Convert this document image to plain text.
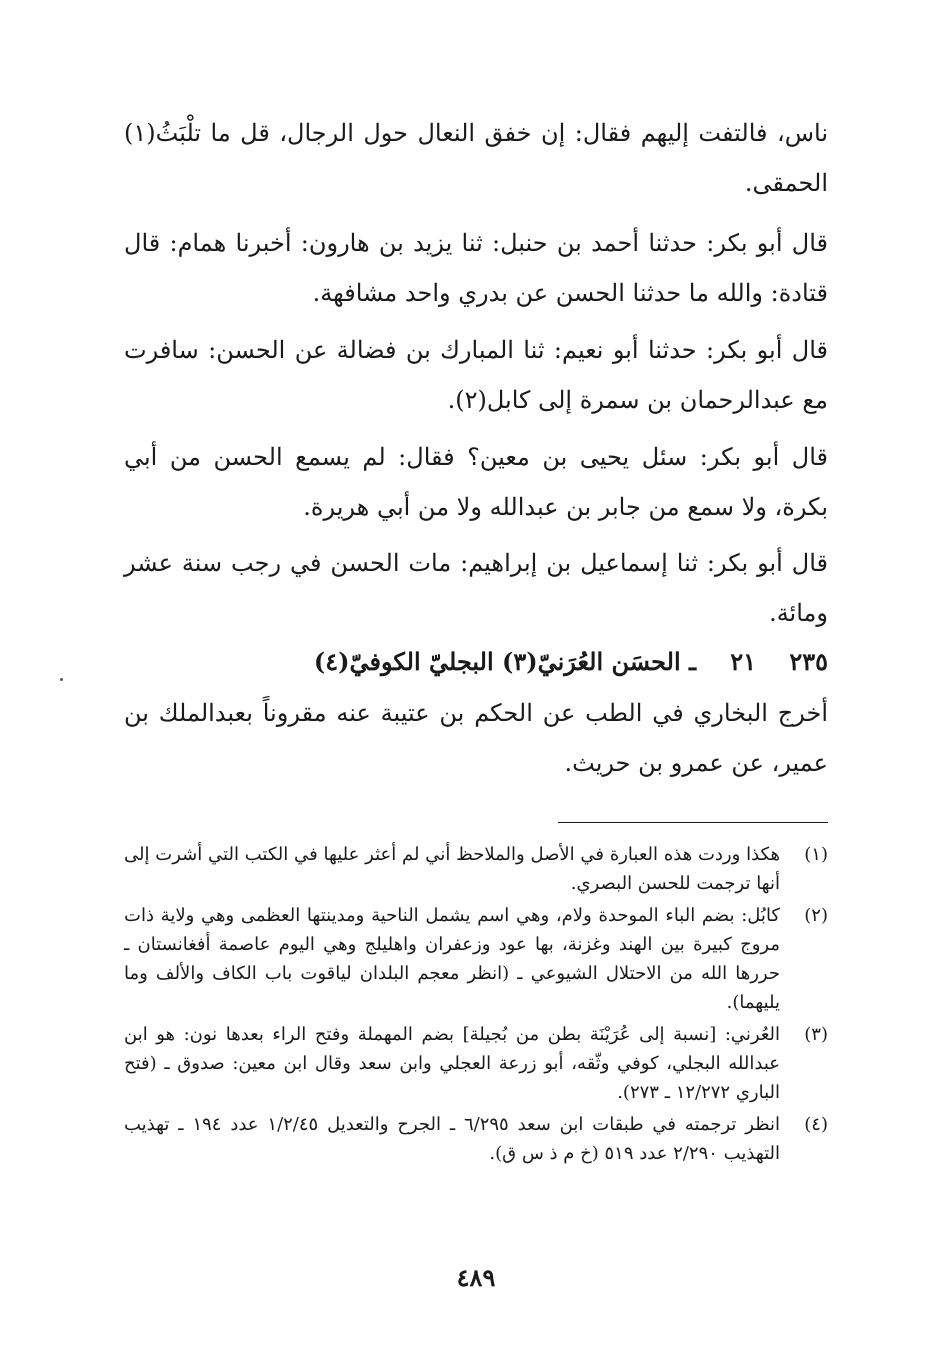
ناس، فالتفت إليهم فقال: إن خفق النعال حول الرجال، قل ما تلْبَثُ(١) الحمقى.
قال أبو بكر: حدثنا أحمد بن حنبل: ثنا يزيد بن هارون: أخبرنا همام: قال قتادة: والله ما حدثنا الحسن عن بدري واحد مشافهة.
قال أبو بكر: حدثنا أبو نعيم: ثنا المبارك بن فضالة عن الحسن: سافرت مع عبدالرحمان بن سمرة إلى كابل(٢).
قال أبو بكر: سئل يحيى بن معين؟ فقال: لم يسمع الحسن من أبي بكرة، ولا سمع من جابر بن عبدالله ولا من أبي هريرة.
قال أبو بكر: ثنا إسماعيل بن إبراهيم: مات الحسن في رجب سنة عشر ومائة.
٢٣٥
٢١
ـ الحسَن العُرَنيّ(٣) البجليّ الكوفيّ(٤)
أخرج البخاري في الطب عن الحكم بن عتيبة عنه مقروناً بعبدالملك بن عمير، عن عمرو بن حريث.
(١)
هكذا وردت هذه العبارة في الأصل والملاحظ أني لم أعثر عليها في الكتب التي أشرت إلى أنها ترجمت للحسن البصري.
(٢)
كابُل: بضم الباء الموحدة ولام، وهي اسم يشمل الناحية ومدينتها العظمى وهي ولاية ذات مروج كبيرة بين الهند وغزنة، بها عود وزعفران واهليلج وهي اليوم عاصمة أفغانستان ـ حررها الله من الاحتلال الشيوعي ـ (انظر معجم البلدان لياقوت باب الكاف والألف وما يليهما).
(٣)
العُرني: [نسبة إلى عُرَيْنَة بطن من بُجيلة] بضم المهملة وفتح الراء بعدها نون: هو ابن عبدالله البجلي، كوفي وثّقه، أبو زرعة العجلي وابن سعد وقال ابن معين: صدوق ـ (فتح الباري ١٢/٢٧٢ ـ ٢٧٣).
(٤)
انظر ترجمته في طبقات ابن سعد ٦/٢٩٥ ـ الجرح والتعديل ١/٢/٤٥ عدد ١٩٤ ـ تهذيب التهذيب ٢/٢٩٠ عدد ٥١٩ (خ م ذ س ق).
٤٨٩
